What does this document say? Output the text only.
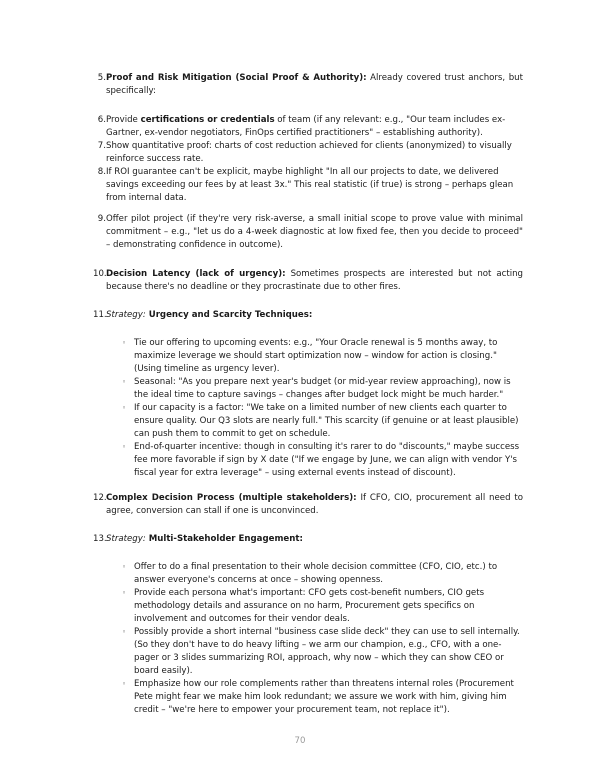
5. Proof and Risk Mitigation (Social Proof & Authority): Already covered trust anchors, but specifically:
6. Provide certifications or credentials of team (if any relevant: e.g., "Our team includes ex-Gartner, ex-vendor negotiators, FinOps certified practitioners" – establishing authority).
7. Show quantitative proof: charts of cost reduction achieved for clients (anonymized) to visually reinforce success rate.
8. If ROI guarantee can't be explicit, maybe highlight "In all our projects to date, we delivered savings exceeding our fees by at least 3x." This real statistic (if true) is strong – perhaps glean from internal data.
9. Offer pilot project (if they're very risk-averse, a small initial scope to prove value with minimal commitment – e.g., "let us do a 4-week diagnostic at low fixed fee, then you decide to proceed" – demonstrating confidence in outcome).
10. Decision Latency (lack of urgency): Sometimes prospects are interested but not acting because there's no deadline or they procrastinate due to other fires.
11. Strategy: Urgency and Scarcity Techniques:
◦ Tie our offering to upcoming events: e.g., "Your Oracle renewal is 5 months away, to maximize leverage we should start optimization now – window for action is closing." (Using timeline as urgency lever).
◦ Seasonal: "As you prepare next year's budget (or mid-year review approaching), now is the ideal time to capture savings – changes after budget lock might be much harder."
◦ If our capacity is a factor: "We take on a limited number of new clients each quarter to ensure quality. Our Q3 slots are nearly full." This scarcity (if genuine or at least plausible) can push them to commit to get on schedule.
◦ End-of-quarter incentive: though in consulting it's rarer to do "discounts," maybe success fee more favorable if sign by X date ("If we engage by June, we can align with vendor Y's fiscal year for extra leverage" – using external events instead of discount).
12. Complex Decision Process (multiple stakeholders): If CFO, CIO, procurement all need to agree, conversion can stall if one is unconvinced.
13. Strategy: Multi-Stakeholder Engagement:
◦ Offer to do a final presentation to their whole decision committee (CFO, CIO, etc.) to answer everyone's concerns at once – showing openness.
◦ Provide each persona what's important: CFO gets cost-benefit numbers, CIO gets methodology details and assurance on no harm, Procurement gets specifics on involvement and outcomes for their vendor deals.
◦ Possibly provide a short internal "business case slide deck" they can use to sell internally. (So they don't have to do heavy lifting – we arm our champion, e.g., CFO, with a one-pager or 3 slides summarizing ROI, approach, why now – which they can show CEO or board easily).
◦ Emphasize how our role complements rather than threatens internal roles (Procurement Pete might fear we make him look redundant; we assure we work with him, giving him credit – "we're here to empower your procurement team, not replace it").
70
